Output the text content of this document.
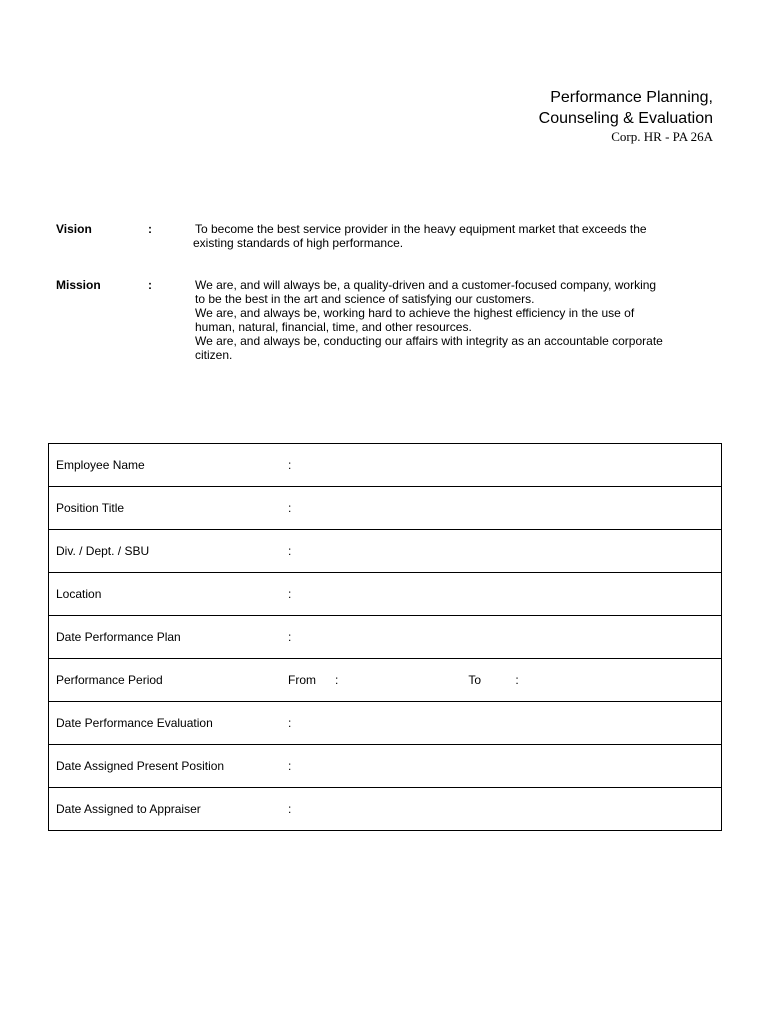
Performance Planning,
Counseling & Evaluation
Corp. HR - PA 26A
Vision	:	To become the best service provider in the heavy equipment market that exceeds the
existing standards of high performance.
Mission	:	We are, and will always be, a quality-driven and a customer-focused company, working
to be the best in the art and science of satisfying our customers.
We are, and always be, working hard to achieve the highest efficiency in the use of
human, natural, financial, time, and other resources.
We are, and always be, conducting our affairs with integrity as an accountable corporate
citizen.
Employee Name	:
Position Title	:
Div. / Dept. / SBU	:
Location	:
Date Performance Plan	:
Performance Period	From : To :
Date Performance Evaluation	:
Date Assigned Present Position	:
Date Assigned to Appraiser	:
